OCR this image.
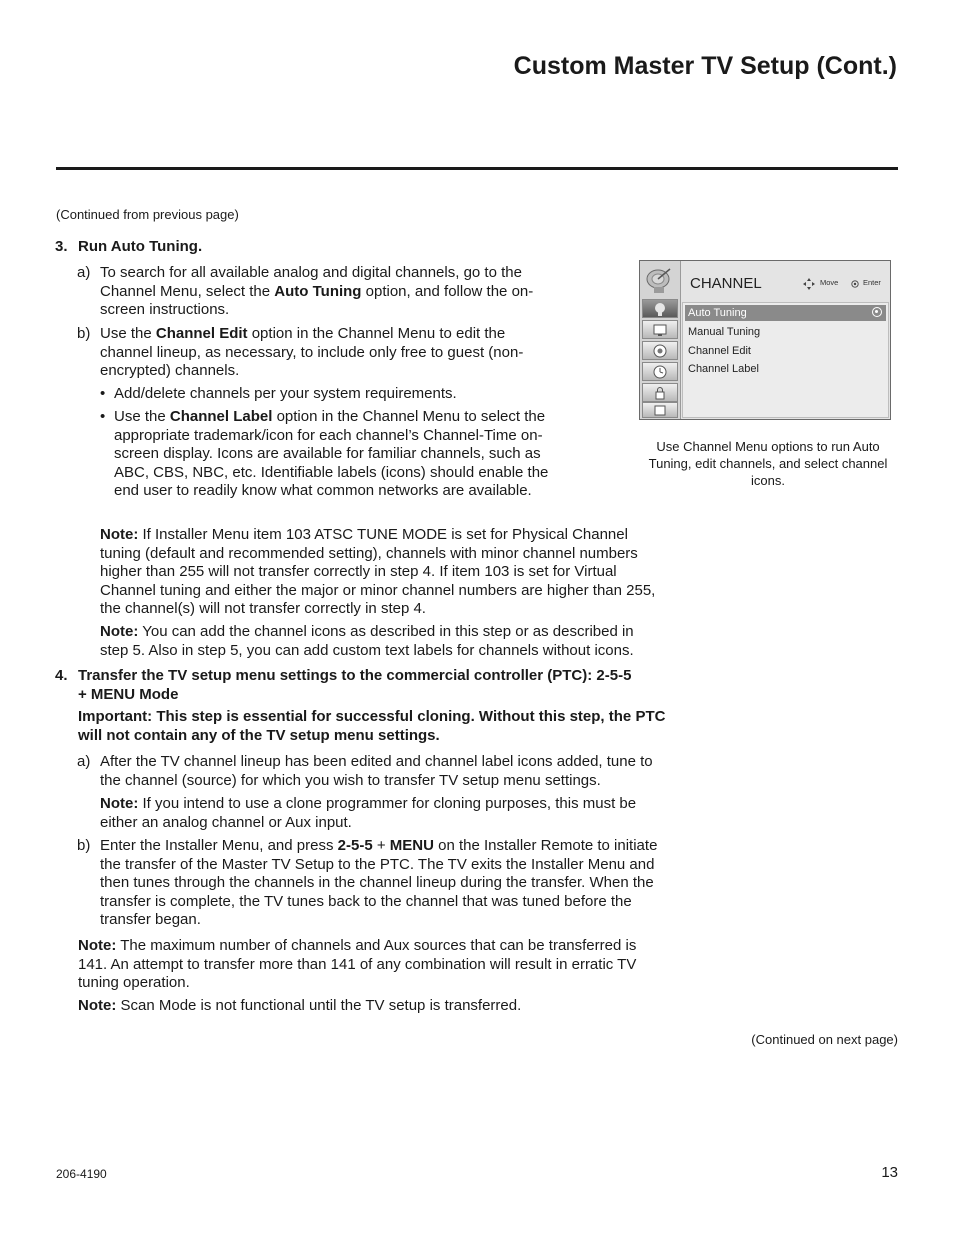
Custom Master TV Setup (Cont.)
(Continued from previous page)
3. Run Auto Tuning.

a) To search for all available analog and digital channels, go to the Channel Menu, select the Auto Tuning option, and follow the on-screen instructions.

b) Use the Channel Edit option in the Channel Menu to edit the channel lineup, as necessary, to include only free to guest (non-encrypted) channels.

• Add/delete channels per your system requirements.

• Use the Channel Label option in the Channel Menu to select the appropriate trademark/icon for each channel’s Channel-Time on-screen display. Icons are available for familiar channels, such as ABC, CBS, NBC, etc. Identifiable labels (icons) should enable the end user to readily know what common networks are available.

Note: If Installer Menu item 103 ATSC TUNE MODE is set for Physical Channel tuning (default and recommended setting), channels with minor channel numbers higher than 255 will not transfer correctly in step 4. If item 103 is set for Virtual Channel tuning and either the major or minor channel numbers are higher than 255, the channel(s) will not transfer correctly in step 4.

Note: You can add the channel icons as described in this step or as described in step 5. Also in step 5, you can add custom text labels for channels without icons.

4. Transfer the TV setup menu settings to the commercial controller (PTC): 2-5-5 + MENU Mode

Important: This step is essential for successful cloning. Without this step, the PTC will not contain any of the TV setup menu settings.

a) After the TV channel lineup has been edited and channel label icons added, tune to the channel (source) for which you wish to transfer TV setup menu settings.

Note: If you intend to use a clone programmer for cloning purposes, this must be either an analog channel or Aux input.

b) Enter the Installer Menu, and press 2-5-5 + MENU on the Installer Remote to initiate the transfer of the Master TV Setup to the PTC. The TV exits the Installer Menu and then tunes through the channels in the channel lineup during the transfer. When the transfer is complete, the TV tunes back to the channel that was tuned before the transfer began.

Note: The maximum number of channels and Aux sources that can be transferred is 141. An attempt to transfer more than 141 of any combination will result in erratic TV tuning operation.

Note: Scan Mode is not functional until the TV setup is transferred.

CHANNEL	Move	Enter
Auto Tuning
Manual Tuning
Channel Edit
Channel Label
Use Channel Menu options to run Auto Tuning, edit channels, and select channel icons.
(Continued on next page)
206-4190	13
